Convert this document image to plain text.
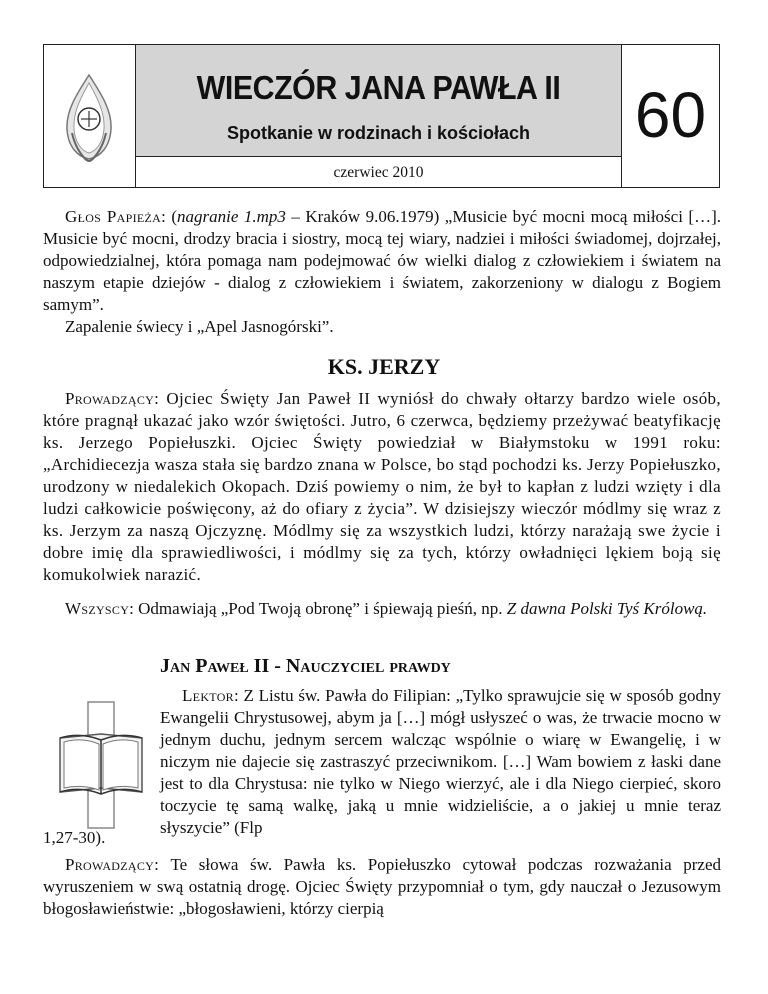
WIECZÓR JANA PAWŁA II
Spotkanie w rodzinach i kościołach
czerwiec 2010
60

Głos Papieża: (nagranie 1.mp3 – Kraków 9.06.1979) „Musicie być mocni mocą miłości […]. Musicie być mocni, drodzy bracia i siostry, mocą tej wiary, nadziei i miłości świadomej, dojrzałej, odpowiedzialnej, która pomaga nam podejmować ów wielki dialog z człowiekiem i światem na naszym etapie dziejów - dialog z człowiekiem i światem, zakorzeniony w dialogu z Bogiem samym”.

Zapalenie świecy i „Apel Jasnogórski”.

KS. JERZY

Prowadzący: Ojciec Święty Jan Paweł II wyniósł do chwały ołtarzy bardzo wiele osób, które pragnął ukazać jako wzór świętości. Jutro, 6 czerwca, będziemy przeżywać beatyfikację ks. Jerzego Popiełuszki. Ojciec Święty powiedział w Białymstoku w 1991 roku: „Archidiecezja wasza stała się bardzo znana w Polsce, bo stąd pochodzi ks. Jerzy Popiełuszko, urodzony w niedalekich Okopach. Dziś powiemy o nim, że był to kapłan z ludzi wzięty i dla ludzi całkowicie poświęcony, aż do ofiary z życia”. W dzisiejszy wieczór módlmy się wraz z ks. Jerzym za naszą Ojczyznę. Módlmy się za wszystkich ludzi, którzy narażają swe życie i dobre imię dla sprawiedliwości, i módlmy się za tych, którzy owładnięci lękiem boją się komukolwiek narazić.

Wszyscy: Odmawiają „Pod Twoją obronę” i śpiewają pieśń, np. Z dawna Polski Tyś Królową.

Jan Paweł II - Nauczyciel prawdy

Lektor: Z Listu św. Pawła do Filipian: „Tylko sprawujcie się w sposób godny Ewangelii Chrystusowej, abym ja […] mógł usłyszeć o was, że trwacie mocno w jednym duchu, jednym sercem walcząc wspólnie o wiarę w Ewangelię, i w niczym nie dajecie się zastraszyć przeciwnikom. […] Wam bowiem z łaski dane jest to dla Chrystusa: nie tylko w Niego wierzyć, ale i dla Niego cierpieć, skoro toczycie tę samą walkę, jaką u mnie widzieliście, a o jakiej u mnie teraz słyszycie” (Flp

1,27-30).

Prowadzący: Te słowa św. Pawła ks. Popiełuszko cytował podczas rozważania przed wyruszeniem w swą ostatnią drogę. Ojciec Święty przypomniał o tym, gdy nauczał o Jezusowym błogosławieństwie: „błogosławieni, którzy cierpią
